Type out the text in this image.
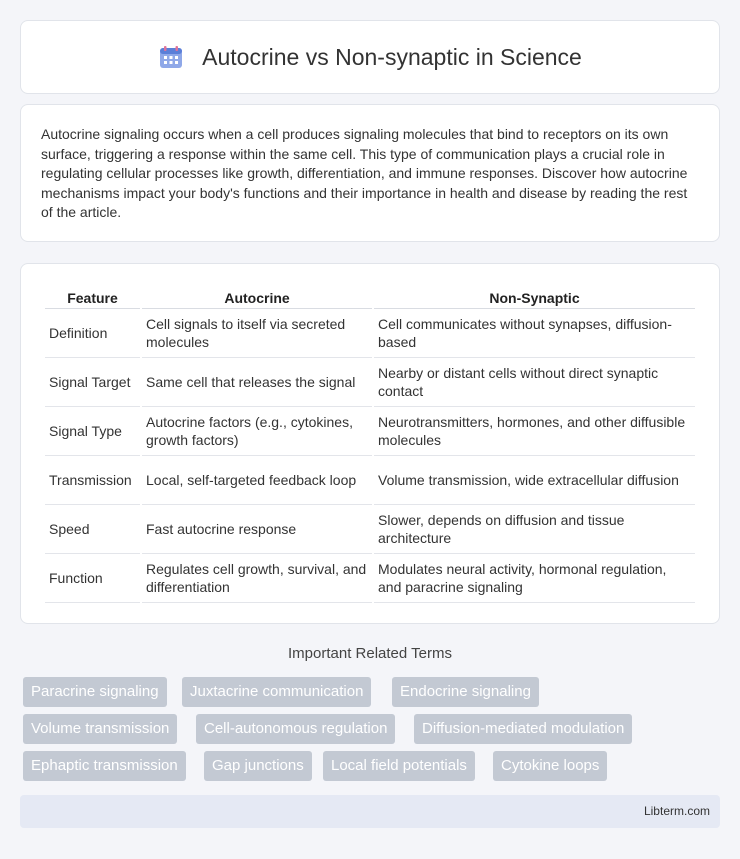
Autocrine vs Non-synaptic in Science

Autocrine signaling occurs when a cell produces signaling molecules that bind to receptors on its own surface, triggering a response within the same cell. This type of communication plays a crucial role in regulating cellular processes like growth, differentiation, and immune responses. Discover how autocrine mechanisms impact your body's functions and their importance in health and disease by reading the rest of the article.

Feature	Autocrine	Non-Synaptic
Definition	Cell signals to itself via secreted molecules	Cell communicates without synapses, diffusion-based
Signal Target	Same cell that releases the signal	Nearby or distant cells without direct synaptic contact
Signal Type	Autocrine factors (e.g., cytokines, growth factors)	Neurotransmitters, hormones, and other diffusible molecules
Transmission	Local, self-targeted feedback loop	Volume transmission, wide extracellular diffusion
Speed	Fast autocrine response	Slower, depends on diffusion and tissue architecture
Function	Regulates cell growth, survival, and differentiation	Modulates neural activity, hormonal regulation, and paracrine signaling
Important Related Terms
Paracrine signaling	Juxtacrine communication	Endocrine signaling
Volume transmission	Cell-autonomous regulation	Diffusion-mediated modulation
Ephaptic transmission	Gap junctions	Local field potentials	Cytokine loops
Libterm.com
